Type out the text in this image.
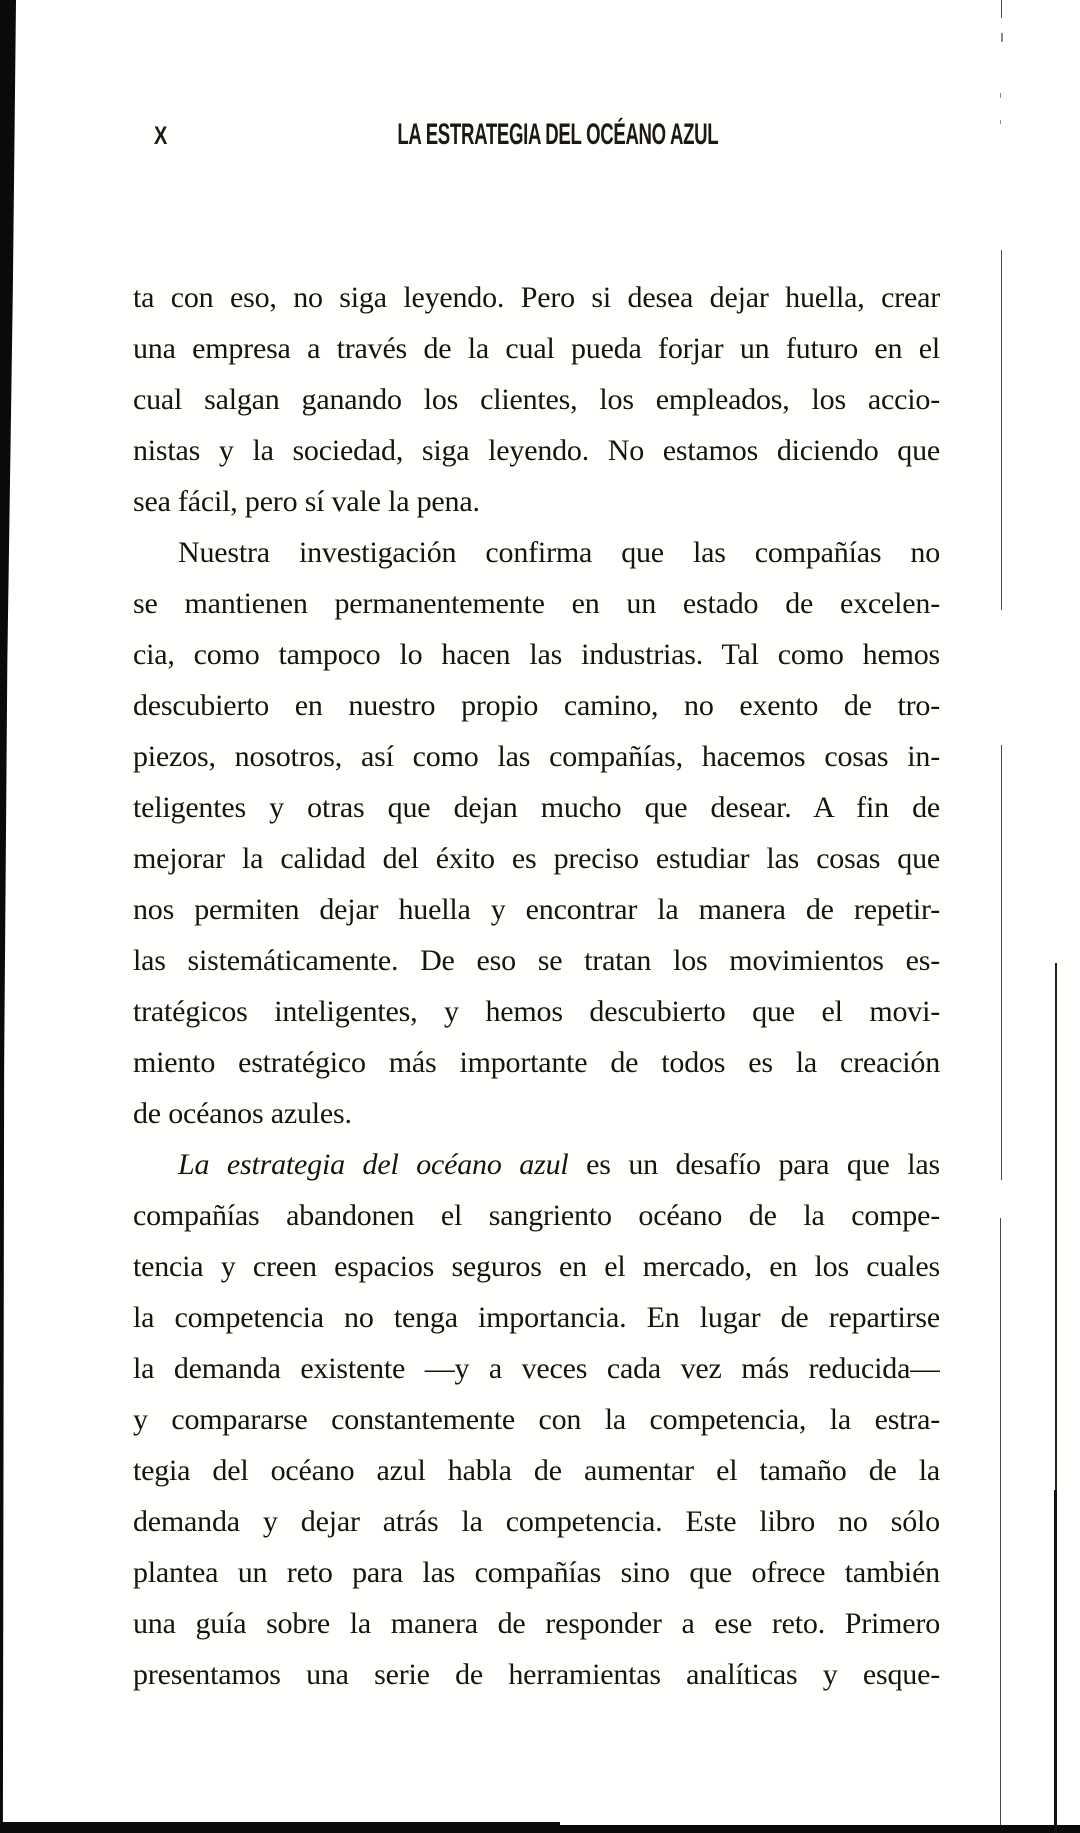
X	LA ESTRATEGIA DEL OCÉANO AZUL
ta con eso, no siga leyendo. Pero si desea dejar huella, crear
una empresa a través de la cual pueda forjar un futuro en el
cual salgan ganando los clientes, los empleados, los accio-
nistas y la sociedad, siga leyendo. No estamos diciendo que
sea fácil, pero sí vale la pena.
Nuestra investigación confirma que las compañías no
se mantienen permanentemente en un estado de excelen-
cia, como tampoco lo hacen las industrias. Tal como hemos
descubierto en nuestro propio camino, no exento de tro-
piezos, nosotros, así como las compañías, hacemos cosas in-
teligentes y otras que dejan mucho que desear. A fin de
mejorar la calidad del éxito es preciso estudiar las cosas que
nos permiten dejar huella y encontrar la manera de repetir-
las sistemáticamente. De eso se tratan los movimientos es-
tratégicos inteligentes, y hemos descubierto que el movi-
miento estratégico más importante de todos es la creación
de océanos azules.
La estrategia del océano azul es un desafío para que las
compañías abandonen el sangriento océano de la compe-
tencia y creen espacios seguros en el mercado, en los cuales
la competencia no tenga importancia. En lugar de repartirse
la demanda existente —y a veces cada vez más reducida—
y compararse constantemente con la competencia, la estra-
tegia del océano azul habla de aumentar el tamaño de la
demanda y dejar atrás la competencia. Este libro no sólo
plantea un reto para las compañías sino que ofrece también
una guía sobre la manera de responder a ese reto. Primero
presentamos una serie de herramientas analíticas y esque-
